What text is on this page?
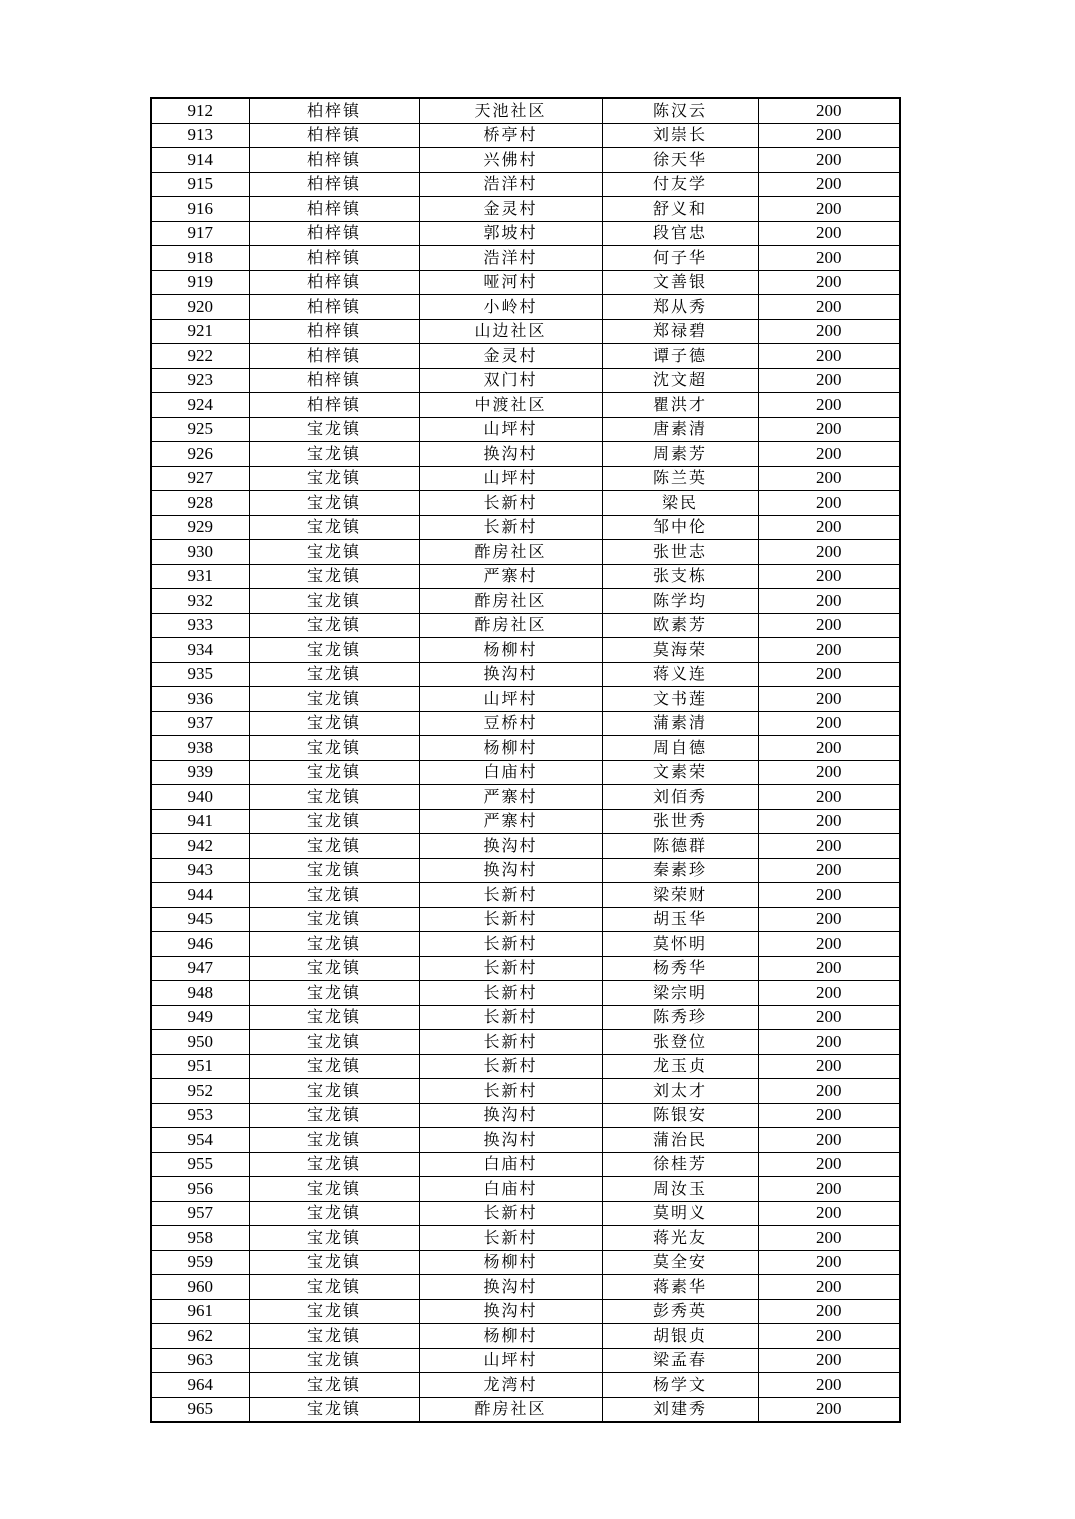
912	柏梓镇	天池社区	陈汉云	200
913	柏梓镇	桥亭村	刘崇长	200
914	柏梓镇	兴佛村	徐天华	200
915	柏梓镇	浩洋村	付友学	200
916	柏梓镇	金灵村	舒义和	200
917	柏梓镇	郭坡村	段官忠	200
918	柏梓镇	浩洋村	何子华	200
919	柏梓镇	哑河村	文善银	200
920	柏梓镇	小岭村	郑从秀	200
921	柏梓镇	山边社区	郑禄碧	200
922	柏梓镇	金灵村	谭子德	200
923	柏梓镇	双门村	沈文超	200
924	柏梓镇	中渡社区	瞿洪才	200
925	宝龙镇	山坪村	唐素清	200
926	宝龙镇	换沟村	周素芳	200
927	宝龙镇	山坪村	陈兰英	200
928	宝龙镇	长新村	梁民	200
929	宝龙镇	长新村	邹中伦	200
930	宝龙镇	酢房社区	张世志	200
931	宝龙镇	严寨村	张支栋	200
932	宝龙镇	酢房社区	陈学均	200
933	宝龙镇	酢房社区	欧素芳	200
934	宝龙镇	杨柳村	莫海荣	200
935	宝龙镇	换沟村	蒋义连	200
936	宝龙镇	山坪村	文书莲	200
937	宝龙镇	豆桥村	蒲素清	200
938	宝龙镇	杨柳村	周自德	200
939	宝龙镇	白庙村	文素荣	200
940	宝龙镇	严寨村	刘佰秀	200
941	宝龙镇	严寨村	张世秀	200
942	宝龙镇	换沟村	陈德群	200
943	宝龙镇	换沟村	秦素珍	200
944	宝龙镇	长新村	梁荣财	200
945	宝龙镇	长新村	胡玉华	200
946	宝龙镇	长新村	莫怀明	200
947	宝龙镇	长新村	杨秀华	200
948	宝龙镇	长新村	梁宗明	200
949	宝龙镇	长新村	陈秀珍	200
950	宝龙镇	长新村	张登位	200
951	宝龙镇	长新村	龙玉贞	200
952	宝龙镇	长新村	刘太才	200
953	宝龙镇	换沟村	陈银安	200
954	宝龙镇	换沟村	蒲治民	200
955	宝龙镇	白庙村	徐桂芳	200
956	宝龙镇	白庙村	周汝玉	200
957	宝龙镇	长新村	莫明义	200
958	宝龙镇	长新村	蒋光友	200
959	宝龙镇	杨柳村	莫全安	200
960	宝龙镇	换沟村	蒋素华	200
961	宝龙镇	换沟村	彭秀英	200
962	宝龙镇	杨柳村	胡银贞	200
963	宝龙镇	山坪村	梁孟春	200
964	宝龙镇	龙湾村	杨学文	200
965	宝龙镇	酢房社区	刘建秀	200
